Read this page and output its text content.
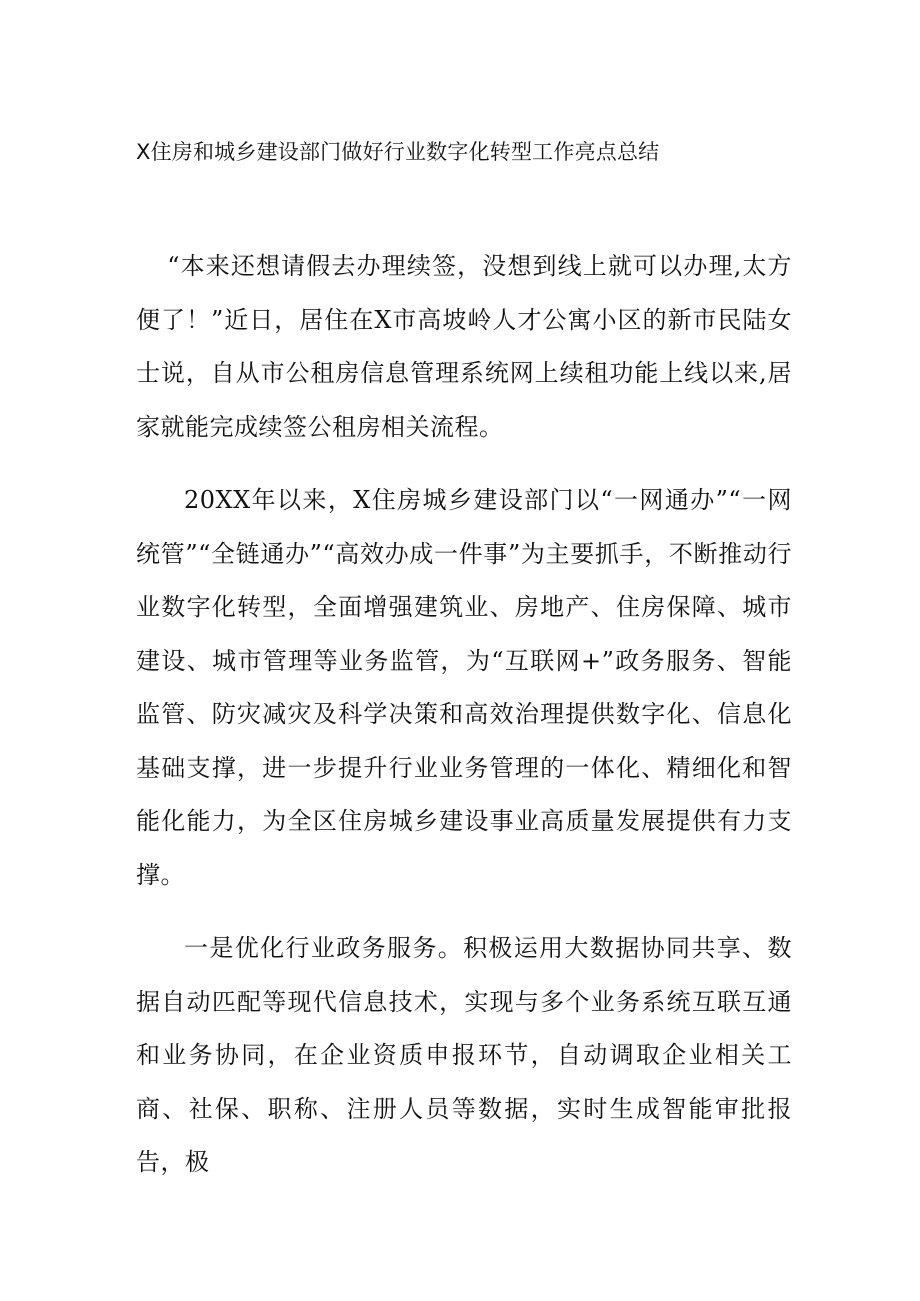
X住房和城乡建设部门做好行业数字化转型工作亮点总结

“本来还想请假去办理续签，没想到线上就可以办理,太方便了！”近日，居住在X市高坡岭人才公寓小区的新市民陆女士说，自从市公租房信息管理系统网上续租功能上线以来,居家就能完成续签公租房相关流程。

20XX年以来，X住房城乡建设部门以“一网通办”“一网统管”“全链通办”“高效办成一件事”为主要抓手，不断推动行业数字化转型，全面增强建筑业、房地产、住房保障、城市建设、城市管理等业务监管，为“互联网+”政务服务、智能监管、防灾减灾及科学决策和高效治理提供数字化、信息化基础支撑，进一步提升行业业务管理的一体化、精细化和智能化能力，为全区住房城乡建设事业高质量发展提供有力支撑。

一是优化行业政务服务。积极运用大数据协同共享、数据自动匹配等现代信息技术，实现与多个业务系统互联互通和业务协同，在企业资质申报环节，自动调取企业相关工商、社保、职称、注册人员等数据，实时生成智能审批报告，极
